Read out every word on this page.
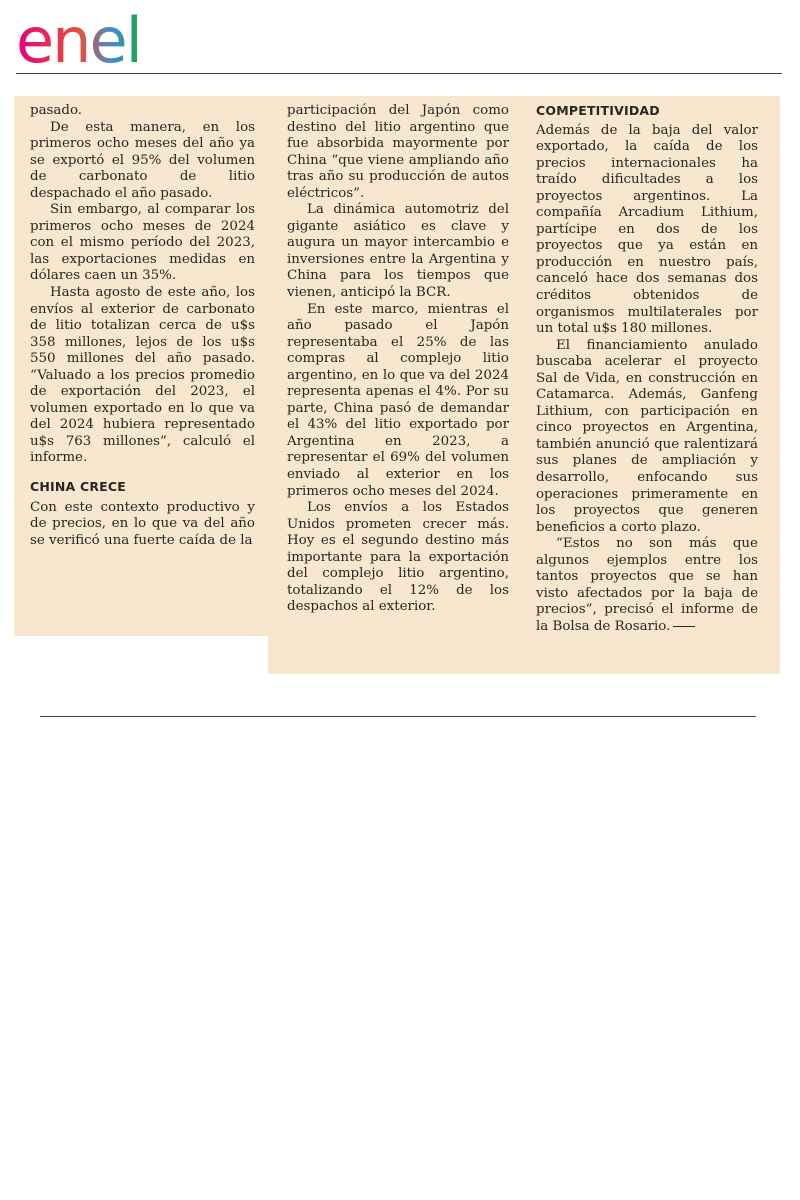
enel

pasado.

De esta manera, en los primeros ocho meses del año ya se exportó el 95% del volumen de carbonato de litio despachado el año pasado.

Sin embargo, al comparar los primeros ocho meses de 2024 con el mismo período del 2023, las exportaciones medidas en dólares caen un 35%.

Hasta agosto de este año, los envíos al exterior de carbonato de litio totalizan cerca de u$s 358 millones, lejos de los u$s 550 millones del año pasado. “Valuado a los precios promedio de exportación del 2023, el volumen exportado en lo que va del 2024 hubiera representado u$s 763 millones”, calculó el informe.

CHINA CRECE

Con este contexto productivo y de precios, en lo que va del año se verificó una fuerte caída de la

participación del Japón como destino del litio argentino que fue absorbida mayormente por China “que viene ampliando año tras año su producción de autos eléctricos”.

La dinámica automotriz del gigante asiático es clave y augura un mayor intercambio e inversiones entre la Argentina y China para los tiempos que vienen, anticipó la BCR.

En este marco, mientras el año pasado el Japón representaba el 25% de las compras al complejo litio argentino, en lo que va del 2024 representa apenas el 4%. Por su parte, China pasó de demandar el 43% del litio exportado por Argentina en 2023, a representar el 69% del volumen enviado al exterior en los primeros ocho meses del 2024.

Los envíos a los Estados Unidos prometen crecer más. Hoy es el segundo destino más importante para la exportación del complejo litio argentino, totalizando el 12% de los despachos al exterior.

COMPETITIVIDAD

Además de la baja del valor exportado, la caída de los precios internacionales ha traído dificultades a los proyectos argentinos. La compañía Arcadium Lithium, partícipe en dos de los proyectos que ya están en producción en nuestro país, canceló hace dos semanas dos créditos obtenidos de organismos multilaterales por un total u$s 180 millones.

El financiamiento anulado buscaba acelerar el proyecto Sal de Vida, en construcción en Catamarca. Además, Ganfeng Lithium, con participación en cinco proyectos en Argentina, también anunció que ralentizará sus planes de ampliación y desarrollo, enfocando sus operaciones primeramente en los proyectos que generen beneficios a corto plazo.

“Estos no son más que algunos ejemplos entre los tantos proyectos que se han visto afectados por la baja de precios”, precisó el informe de la Bolsa de Rosario.
